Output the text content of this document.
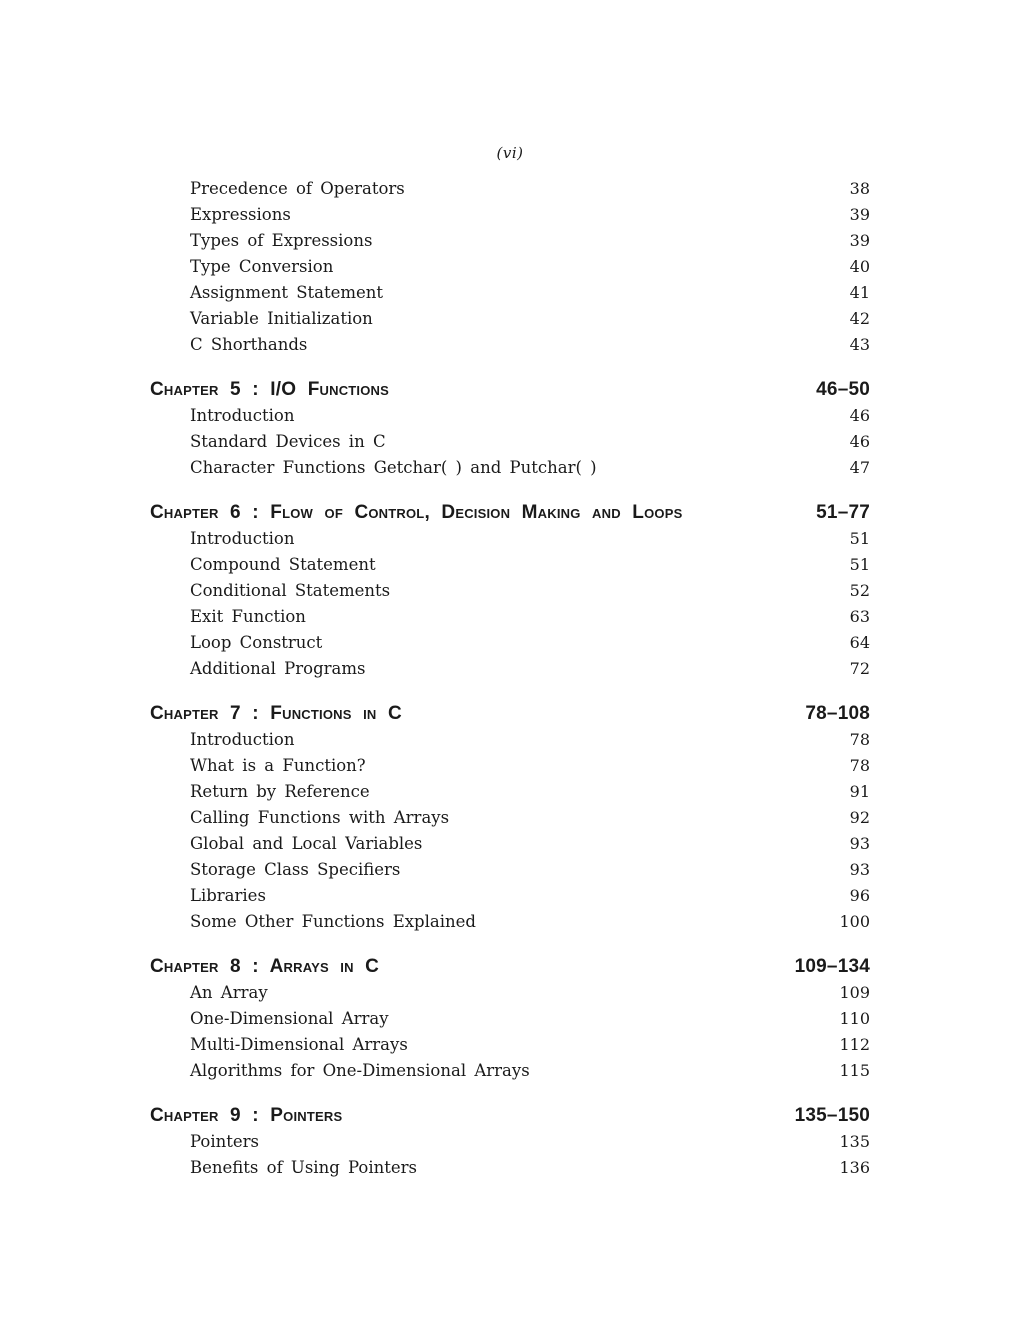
(vi)
Precedence of Operators	38
Expressions	39
Types of Expressions	39
Type Conversion	40
Assignment Statement	41
Variable Initialization	42
C Shorthands	43
Chapter 5 : I/O Functions	46–50
Introduction	46
Standard Devices in C	46
Character Functions Getchar( ) and Putchar( )	47
Chapter 6 : Flow of Control, Decision Making and Loops	51–77
Introduction	51
Compound Statement	51
Conditional Statements	52
Exit Function	63
Loop Construct	64
Additional Programs	72
Chapter 7 : Functions in C	78–108
Introduction	78
What is a Function?	78
Return by Reference	91
Calling Functions with Arrays	92
Global and Local Variables	93
Storage Class Specifiers	93
Libraries	96
Some Other Functions Explained	100
Chapter 8 : Arrays in C	109–134
An Array	109
One-Dimensional Array	110
Multi-Dimensional Arrays	112
Algorithms for One-Dimensional Arrays	115
Chapter 9 : Pointers	135–150
Pointers	135
Benefits of Using Pointers	136
